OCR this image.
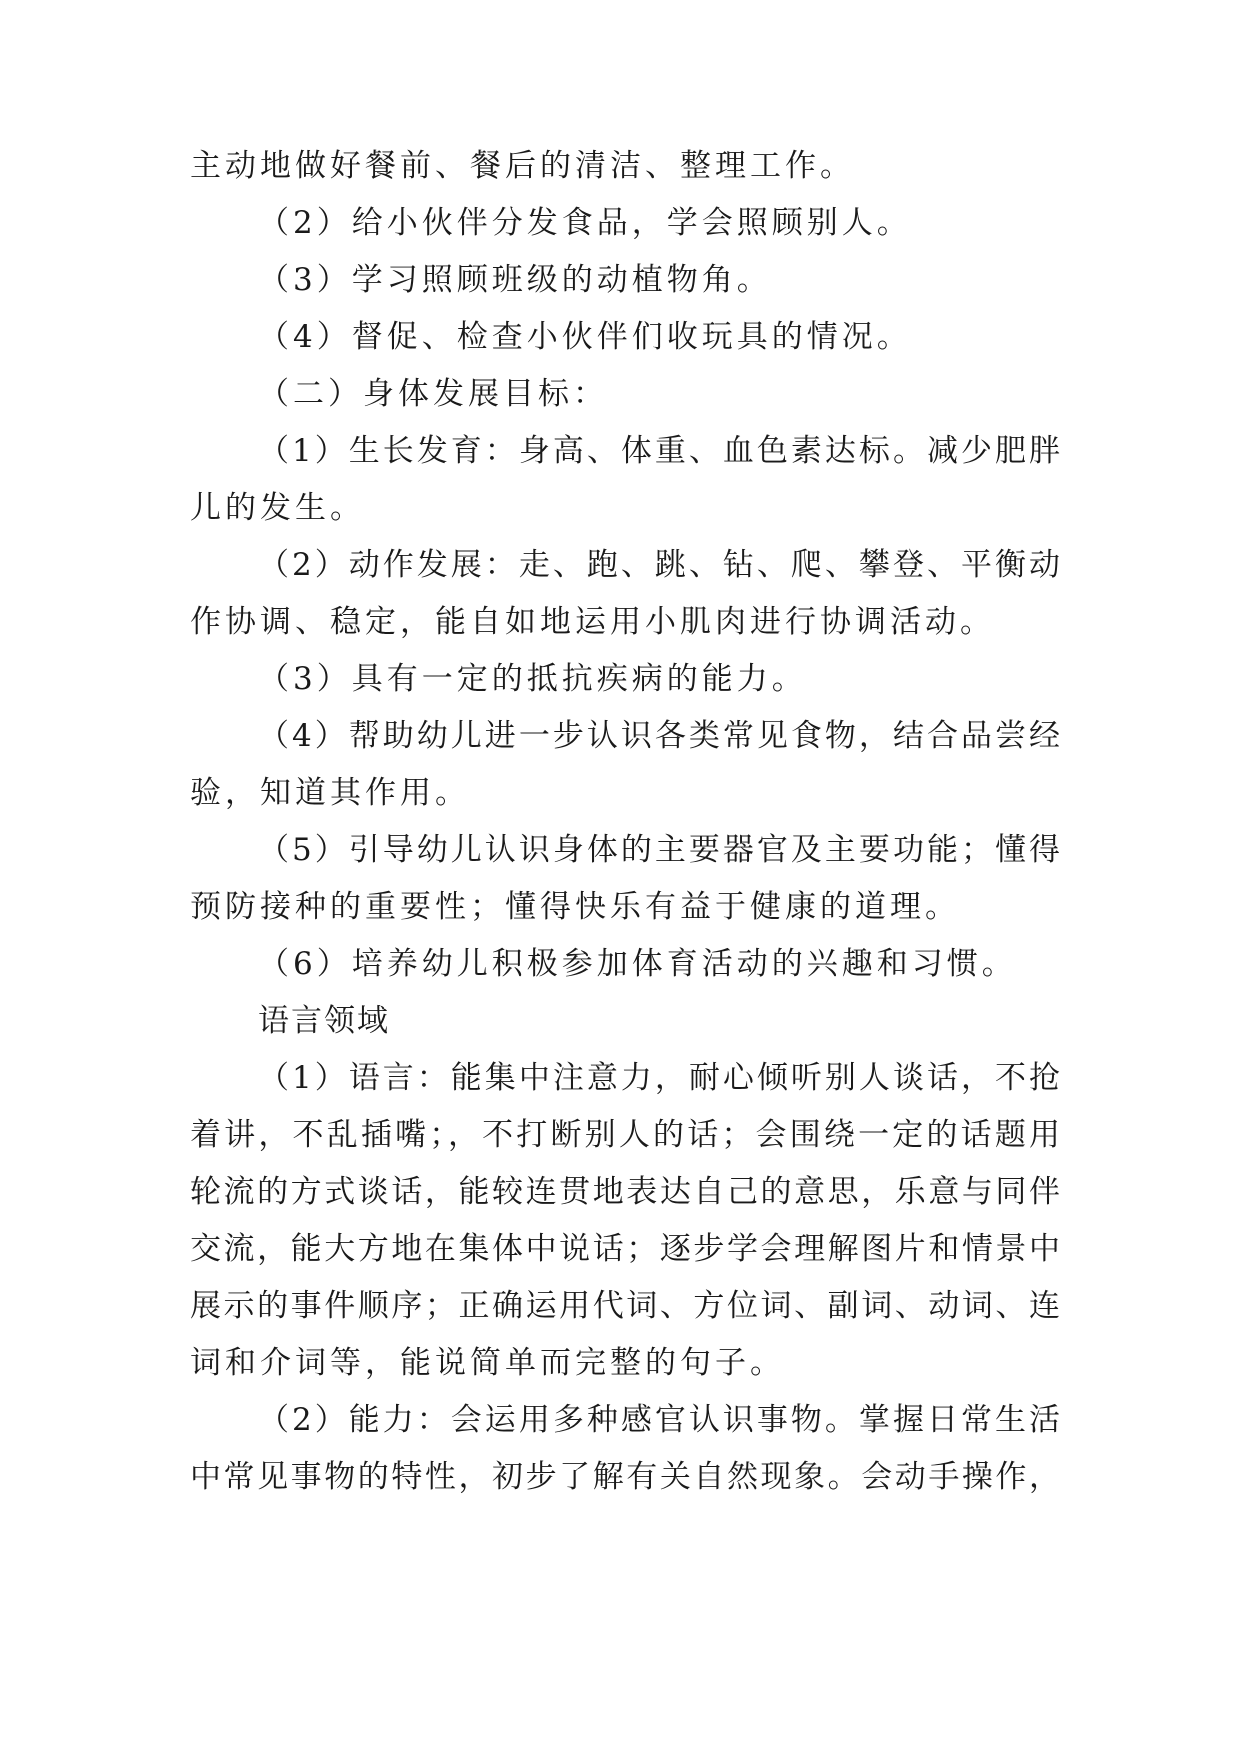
主动地做好餐前、餐后的清洁、整理工作。
（2）给小伙伴分发食品，学会照顾别人。
（3）学习照顾班级的动植物角。
（4）督促、检查小伙伴们收玩具的情况。
（二）身体发展目标：
（1）生长发育：身高、体重、血色素达标。减少肥胖
儿的发生。
（2）动作发展：走、跑、跳、钻、爬、攀登、平衡动
作协调、稳定，能自如地运用小肌肉进行协调活动。
（3）具有一定的抵抗疾病的能力。
（4）帮助幼儿进一步认识各类常见食物，结合品尝经
验，知道其作用。
（5）引导幼儿认识身体的主要器官及主要功能；懂得
预防接种的重要性；懂得快乐有益于健康的道理。
（6）培养幼儿积极参加体育活动的兴趣和习惯。
语言领域
（1）语言：能集中注意力，耐心倾听别人谈话，不抢
着讲，不乱插嘴；，不打断别人的话；会围绕一定的话题用
轮流的方式谈话，能较连贯地表达自己的意思，乐意与同伴
交流，能大方地在集体中说话；逐步学会理解图片和情景中
展示的事件顺序；正确运用代词、方位词、副词、动词、连
词和介词等，能说简单而完整的句子。
（2）能力：会运用多种感官认识事物。掌握日常生活
中常见事物的特性，初步了解有关自然现象。会动手操作，
